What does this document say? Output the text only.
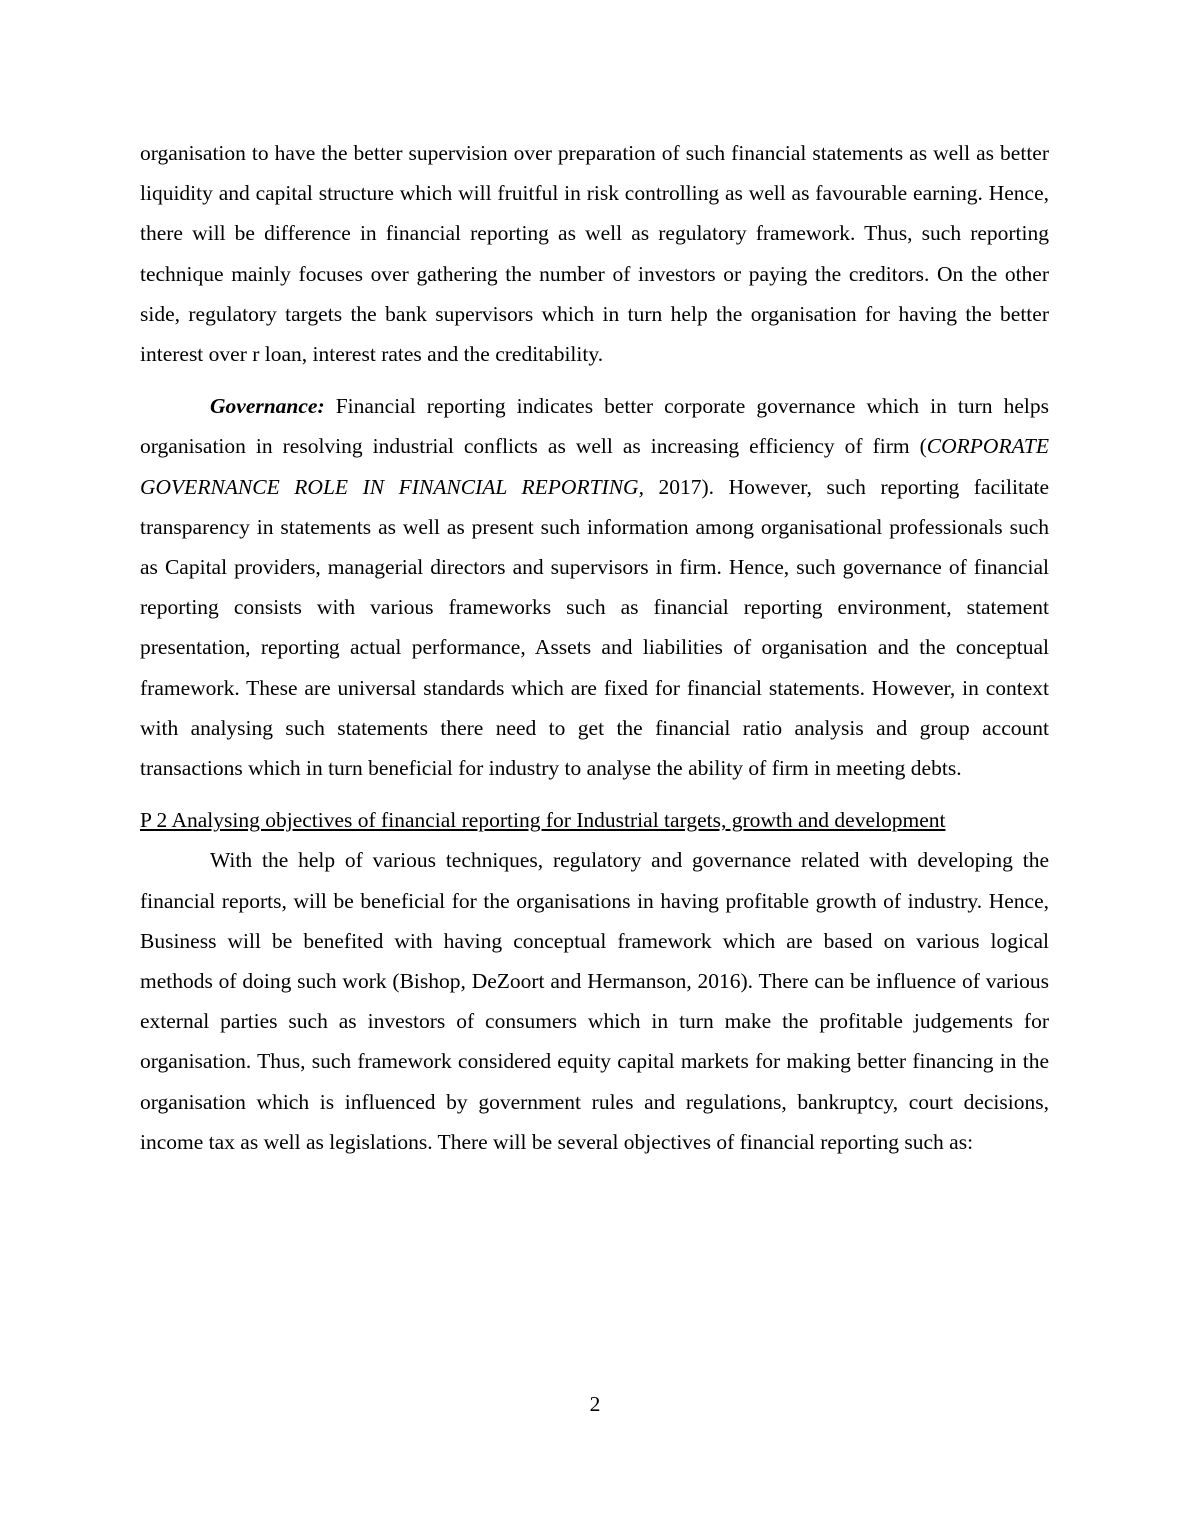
organisation to have the better supervision over preparation of such financial statements as well as better liquidity and capital structure which will fruitful in risk controlling as well as favourable earning. Hence, there will be difference in financial reporting as well as regulatory framework. Thus, such reporting technique mainly focuses over gathering the number of investors or paying the creditors. On the other side, regulatory targets the bank supervisors which in turn help the organisation for having the better interest over r loan, interest rates and the creditability.

Governance: Financial reporting indicates better corporate governance which in turn helps organisation in resolving industrial conflicts as well as increasing efficiency of firm (CORPORATE GOVERNANCE ROLE IN FINANCIAL REPORTING, 2017). However, such reporting facilitate transparency in statements as well as present such information among organisational professionals such as Capital providers, managerial directors and supervisors in firm. Hence, such governance of financial reporting consists with various frameworks such as financial reporting environment, statement presentation, reporting actual performance, Assets and liabilities of organisation and the conceptual framework. These are universal standards which are fixed for financial statements. However, in context with analysing such statements there need to get the financial ratio analysis and group account transactions which in turn beneficial for industry to analyse the ability of firm in meeting debts.

P 2 Analysing objectives of financial reporting for Industrial targets, growth and development

With the help of various techniques, regulatory and governance related with developing the financial reports, will be beneficial for the organisations in having profitable growth of industry. Hence, Business will be benefited with having conceptual framework which are based on various logical methods of doing such work (Bishop, DeZoort and Hermanson, 2016). There can be influence of various external parties such as investors of consumers which in turn make the profitable judgements for organisation. Thus, such framework considered equity capital markets for making better financing in the organisation which is influenced by government rules and regulations, bankruptcy, court decisions, income tax as well as legislations. There will be several objectives of financial reporting such as:

2
